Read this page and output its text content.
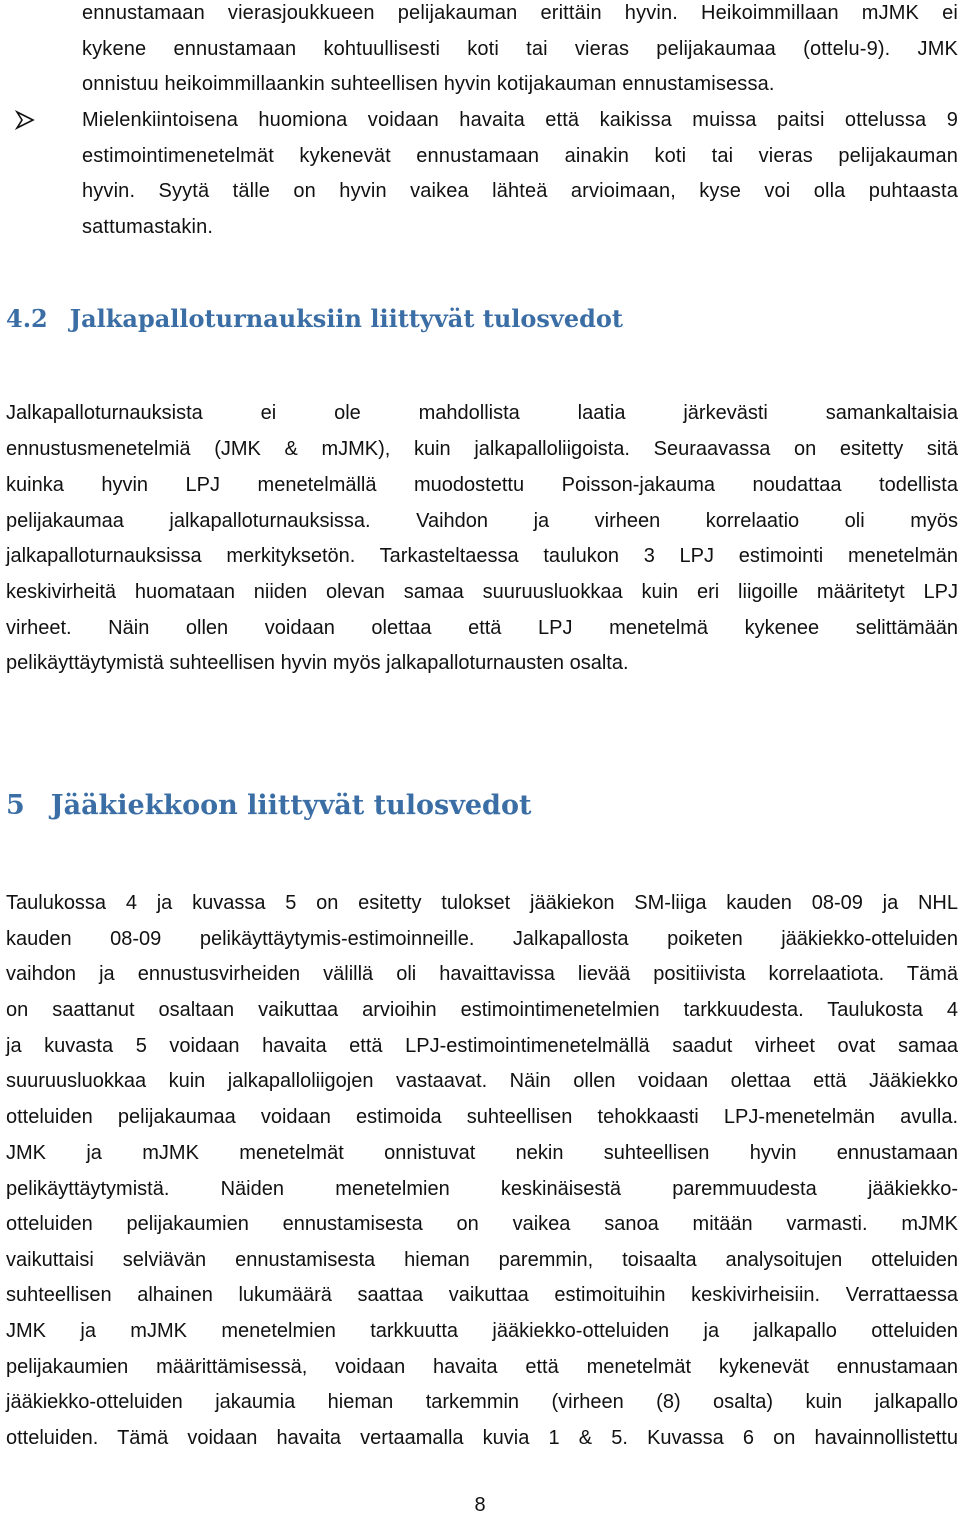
ennustamaan vierasjoukkueen pelijakauman erittäin hyvin. Heikoimmillaan mJMK ei
kykene ennustamaan kohtuullisesti koti tai vieras pelijakaumaa (ottelu-9). JMK
onnistuu heikoimmillaankin suhteellisen hyvin kotijakauman ennustamisessa.
Mielenkiintoisena huomiona voidaan havaita että kaikissa muissa paitsi ottelussa 9
estimointimenetelmät kykenevät ennustamaan ainakin koti tai vieras pelijakauman
hyvin. Syytä tälle on hyvin vaikea lähteä arvioimaan, kyse voi olla puhtaasta
sattumastakin.
4.2 Jalkapalloturnauksiin liittyvät tulosvedot
Jalkapalloturnauksista ei ole mahdollista laatia järkevästi samankaltaisia
ennustusmenetelmiä (JMK & mJMK), kuin jalkapalloliigoista. Seuraavassa on esitetty sitä
kuinka hyvin LPJ menetelmällä muodostettu Poisson-jakauma noudattaa todellista
pelijakaumaa jalkapalloturnauksissa. Vaihdon ja virheen korrelaatio oli myös
jalkapalloturnauksissa merkityksetön. Tarkasteltaessa taulukon 3 LPJ estimointi menetelmän
keskivirheitä huomataan niiden olevan samaa suuruusluokkaa kuin eri liigoille määritetyt LPJ
virheet. Näin ollen voidaan olettaa että LPJ menetelmä kykenee selittämään
pelikäyttäytymistä suhteellisen hyvin myös jalkapalloturnausten osalta.
5 Jääkiekkoon liittyvät tulosvedot
Taulukossa 4 ja kuvassa 5 on esitetty tulokset jääkiekon SM-liiga kauden 08-09 ja NHL
kauden 08-09 pelikäyttäytymis-estimoinneille. Jalkapallosta poiketen jääkiekko-otteluiden
vaihdon ja ennustusvirheiden välillä oli havaittavissa lievää positiivista korrelaatiota. Tämä
on saattanut osaltaan vaikuttaa arvioihin estimointimenetelmien tarkkuudesta. Taulukosta 4
ja kuvasta 5 voidaan havaita että LPJ-estimointimenetelmällä saadut virheet ovat samaa
suuruusluokkaa kuin jalkapalloliigojen vastaavat. Näin ollen voidaan olettaa että Jääkiekko
otteluiden pelijakaumaa voidaan estimoida suhteellisen tehokkaasti LPJ-menetelmän avulla.
JMK ja mJMK menetelmät onnistuvat nekin suhteellisen hyvin ennustamaan
pelikäyttäytymistä. Näiden menetelmien keskinäisestä paremmuudesta jääkiekko-
otteluiden pelijakaumien ennustamisesta on vaikea sanoa mitään varmasti. mJMK
vaikuttaisi selviävän ennustamisesta hieman paremmin, toisaalta analysoitujen otteluiden
suhteellisen alhainen lukumäärä saattaa vaikuttaa estimoituihin keskivirheisiin. Verrattaessa
JMK ja mJMK menetelmien tarkkuutta jääkiekko-otteluiden ja jalkapallo otteluiden
pelijakaumien määrittämisessä, voidaan havaita että menetelmät kykenevät ennustamaan
jääkiekko-otteluiden jakaumia hieman tarkemmin (virheen (8) osalta) kuin jalkapallo
otteluiden. Tämä voidaan havaita vertaamalla kuvia 1 & 5. Kuvassa 6 on havainnollistettu
8
